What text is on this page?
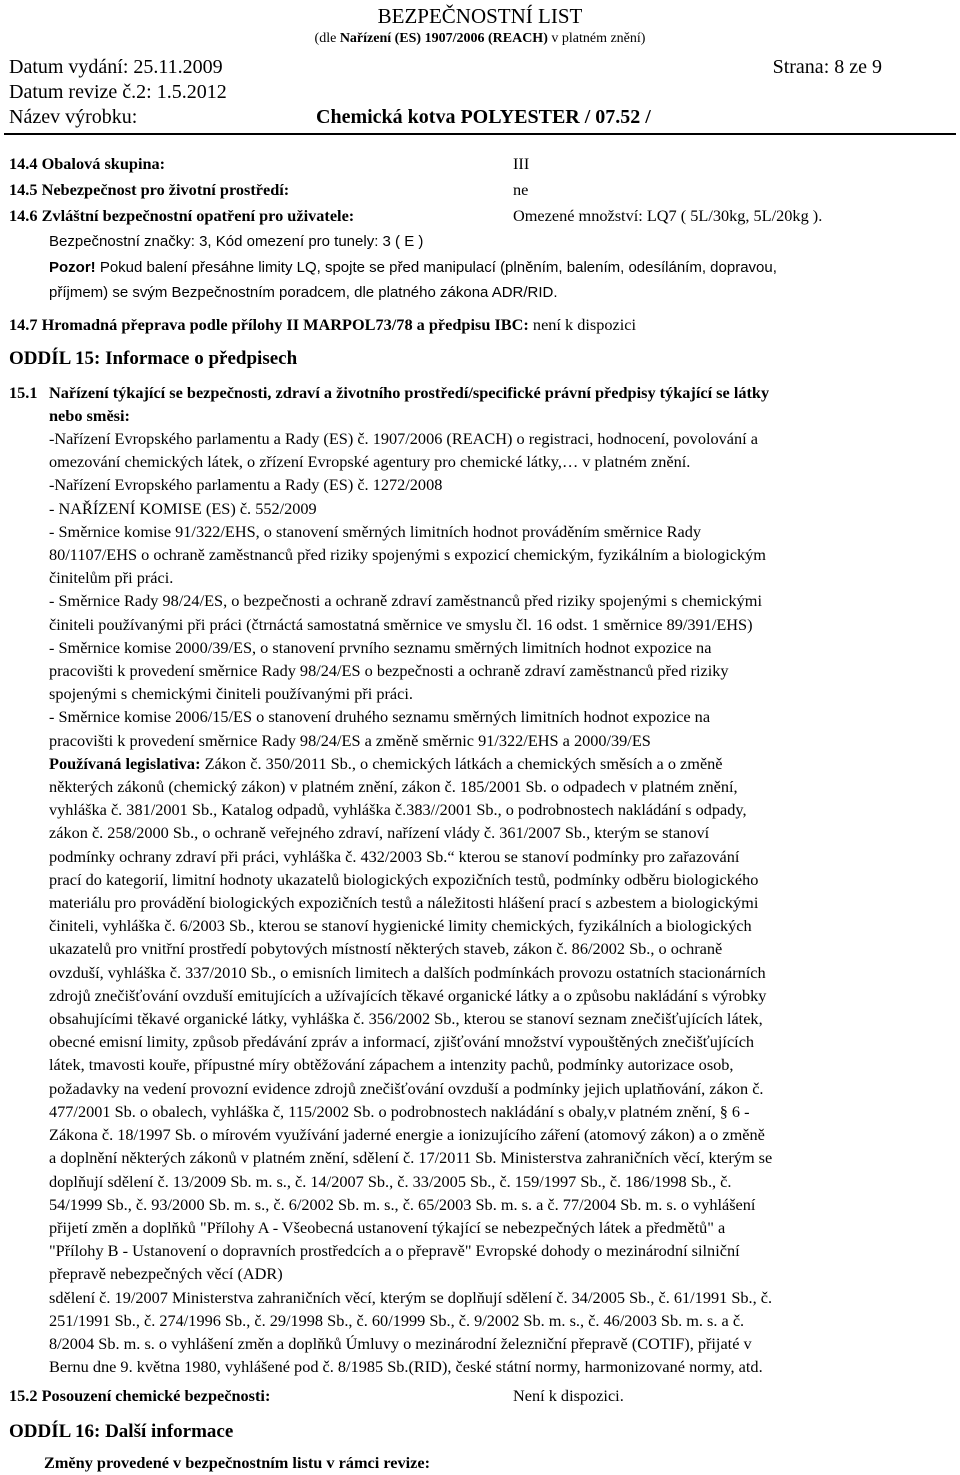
BEZPEČNOSTNÍ LIST
(dle Nařízení (ES) 1907/2006 (REACH) v platném znění)
Datum vydání: 25.11.2009	Strana: 8 ze 9
Datum revize č.2: 1.5.2012
Název výrobku:	Chemická kotva POLYESTER / 07.52 /
14.4 Obalová skupina:	III
14.5 Nebezpečnost pro životní prostředí:	ne
14.6 Zvláštní bezpečnostní opatření pro uživatele:	Omezené množství: LQ7 ( 5L/30kg, 5L/20kg ).
Bezpečnostní značky: 3, Kód omezení pro tunely: 3 ( E )
Pozor! Pokud balení přesáhne limity LQ, spojte se před manipulací (plněním, balením, odesíláním, dopravou,
příjmem) se svým Bezpečnostním poradcem, dle platného zákona ADR/RID.
14.7 Hromadná přeprava podle přílohy II MARPOL73/78 a předpisu IBC: není k dispozici
ODDÍL 15: Informace o předpisech
15.1 Nařízení týkající se bezpečnosti, zdraví a životního prostředí/specifické právní předpisy týkající se látky
nebo směsi:

-Nařízení Evropského parlamentu a Rady (ES) č. 1907/2006 (REACH) o registraci, hodnocení, povolování a

omezování chemických látek, o zřízení Evropské agentury pro chemické látky,… v platném znění.

-Nařízení Evropského parlamentu a Rady (ES) č. 1272/2008

- NAŘÍZENÍ KOMISE (ES) č. 552/2009

- Směrnice komise 91/322/EHS, o stanovení směrných limitních hodnot prováděním směrnice Rady

80/1107/EHS o ochraně zaměstnanců před riziky spojenými s expozicí chemickým, fyzikálním a biologickým

činitelům při práci.

- Směrnice Rady 98/24/ES, o bezpečnosti a ochraně zdraví zaměstnanců před riziky spojenými s chemickými

činiteli používanými při práci (čtrnáctá samostatná směrnice ve smyslu čl. 16 odst. 1 směrnice 89/391/EHS)

- Směrnice komise 2000/39/ES, o stanovení prvního seznamu směrných limitních hodnot expozice na

pracovišti k provedení směrnice Rady 98/24/ES o bezpečnosti a ochraně zdraví zaměstnanců před riziky

spojenými s chemickými činiteli používanými při práci.

- Směrnice komise 2006/15/ES o stanovení druhého seznamu směrných limitních hodnot expozice na

pracovišti k provedení směrnice Rady 98/24/ES a změně směrnic 91/322/EHS a 2000/39/ES

Používaná legislativa: Zákon č. 350/2011 Sb., o chemických látkách a chemických směsích a o změně

některých zákonů (chemický zákon) v platném znění, zákon č. 185/2001 Sb. o odpadech v platném znění,

vyhláška č. 381/2001 Sb., Katalog odpadů, vyhláška č.383//2001 Sb., o podrobnostech nakládání s odpady,

zákon č. 258/2000 Sb., o ochraně veřejného zdraví, nařízení vlády č. 361/2007 Sb., kterým se stanoví

podmínky ochrany zdraví při práci, vyhláška č. 432/2003 Sb.“ kterou se stanoví podmínky pro zařazování

prací do kategorií, limitní hodnoty ukazatelů biologických expozičních testů, podmínky odběru biologického

materiálu pro provádění biologických expozičních testů a náležitosti hlášení prací s azbestem a biologickými

činiteli, vyhláška č. 6/2003 Sb., kterou se stanoví hygienické limity chemických, fyzikálních a biologických

ukazatelů pro vnitřní prostředí pobytových místností některých staveb, zákon č. 86/2002 Sb., o ochraně

ovzduší, vyhláška č. 337/2010 Sb., o emisních limitech a dalších podmínkách provozu ostatních stacionárních

zdrojů znečišťování ovzduší emitujících a užívajících těkavé organické látky a o způsobu nakládání s výrobky

obsahujícími těkavé organické látky, vyhláška č. 356/2002 Sb., kterou se stanoví seznam znečišťujících látek,

obecné emisní limity, způsob předávání zpráv a informací, zjišťování množství vypouštěných znečišťujících

látek, tmavosti kouře, přípustné míry obtěžování zápachem a intenzity pachů, podmínky autorizace osob,

požadavky na vedení provozní evidence zdrojů znečišťování ovzduší a podmínky jejich uplatňování, zákon č.

477/2001 Sb. o obalech, vyhláška č, 115/2002 Sb. o podrobnostech nakládání s obaly,v platném znění, § 6 -

Zákona č. 18/1997 Sb. o mírovém využívání jaderné energie a ionizujícího záření (atomový zákon) a o změně

a doplnění některých zákonů v platném znění, sdělení č. 17/2011 Sb. Ministerstva zahraničních věcí, kterým se

doplňují sdělení č. 13/2009 Sb. m. s., č. 14/2007 Sb., č. 33/2005 Sb., č. 159/1997 Sb., č. 186/1998 Sb., č.

54/1999 Sb., č. 93/2000 Sb. m. s., č. 6/2002 Sb. m. s., č. 65/2003 Sb. m. s. a č. 77/2004 Sb. m. s. o vyhlášení

přijetí změn a doplňků "Přílohy A - Všeobecná ustanovení týkající se nebezpečných látek a předmětů" a

"Přílohy B - Ustanovení o dopravních prostředcích a o přepravě" Evropské dohody o mezinárodní silniční

přepravě nebezpečných věcí (ADR)

sdělení č. 19/2007 Ministerstva zahraničních věcí, kterým se doplňují sdělení č. 34/2005 Sb., č. 61/1991 Sb., č.

251/1991 Sb., č. 274/1996 Sb., č. 29/1998 Sb., č. 60/1999 Sb., č. 9/2002 Sb. m. s., č. 46/2003 Sb. m. s. a č.

8/2004 Sb. m. s. o vyhlášení změn a doplňků Úmluvy o mezinárodní železniční přepravě (COTIF), přijaté v

Bernu dne 9. května 1980, vyhlášené pod č. 8/1985 Sb.(RID), české státní normy, harmonizované normy, atd.

15.2 Posouzení chemické bezpečnosti:	Není k dispozici.
ODDÍL 16: Další informace
Změny provedené v bezpečnostním listu v rámci revize:
